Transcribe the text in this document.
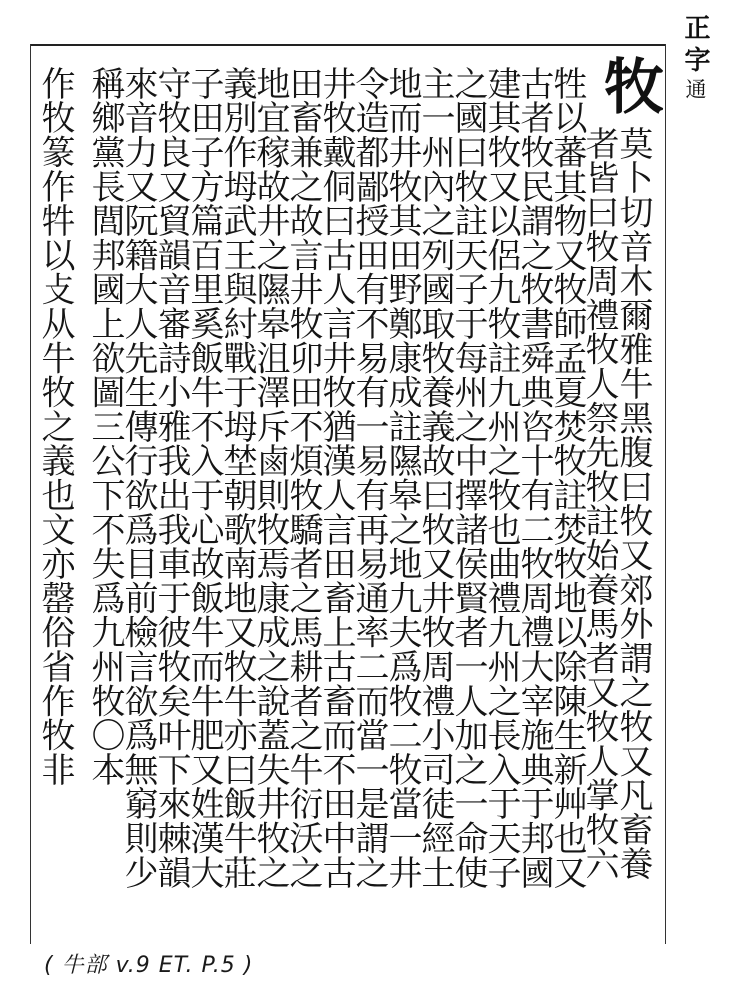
正字通
牧
莫卜切音木爾雅牛黑腹曰牧又郊外謂之牧又凡畜養
者皆曰牧周禮牧人祭先牧註始養馬者又牧人掌牧六
牲以蕃其物又牧師孟夏焚牧註焚牧地以除陳生新艸也又
古者牧民謂之牧書舜典咨十有二牧周禮大宰施典于邦國
建其牧又以侶九牧註九州之牧也曲禮九州之長入于天子
之國曰牧註天子于每州之中擇諸侯賢者一人加之一命使
主一州內之列國取牧養義故曰牧又井牧周禮小司徒經土
地而井牧其田野鄭康成註隰皋之地九夫爲牧二牧當一井
令造都鄙授田有不易有一易有再易通率二而當一是謂之
井牧戴侗曰古人言井牧猶漢人言田畜上古畜而不田中古
田畜兼之故言井牧卯田不煩牧驕者之馬耕者之牛衍沃之
地宜稼故井之隰皋沮澤斥鹵則牧焉康成之說蓋失井牧之
義別作坶武王與紂戰于坶埜朝歌南地又牧牛亦曰飯牛莊
子田子方篇百里奚飯牛不入于心故飯牛而牛肥又姓漢大
守牧良又貿韻音審詩小雅我出我車于彼牧矣叶下來棘韻
來音力又阮籍大人先生傳行欲爲目前檢言欲爲無窮則少
稱鄉黨長閭邦國上欲圖三公下不失爲九州牧〇本
作牧篆作牪以攴从牛牧之義也文亦罄俗省作牧非
( 牛部 v.9 ET. P.5 )
